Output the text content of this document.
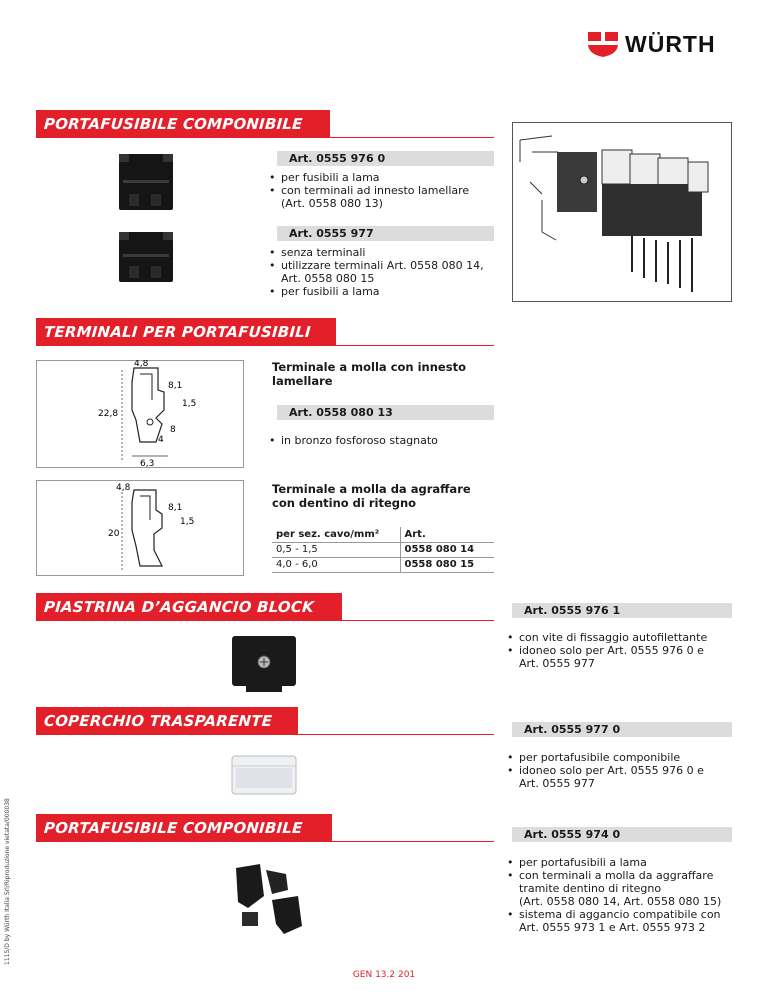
WÜRTH
PORTAFUSIBILE COMPONIBILE
Art. 0555 976 0
• per fusibili a lama
• con terminali ad innesto lamellare
(Art. 0558 080 13)
Art. 0555 977
• senza terminali
• utilizzare terminali Art. 0558 080 14,
Art. 0558 080 15
• per fusibili a lama
TERMINALI PER PORTAFUSIBILI
4,8
8,1
1,5
22,8
8
4
6,3
Terminale a molla con innesto
lamellare
Art. 0558 080 13
• in bronzo fosforoso stagnato
4,8
8,1
1,5
20
Terminale a molla da agraffare
con dentino di ritegno
per sez. cavo/mm²	Art.
0,5 - 1,5	0558 080 14
4,0 - 6,0	0558 080 15
PIASTRINA D’AGGANCIO BLOCK	Art. 0555 976 1
• con vite di fissaggio autofilettante
• idoneo solo per Art. 0555 976 0 e
Art. 0555 977
COPERCHIO TRASPARENTE	Art. 0555 977 0
• per portafusibile componibile
• idoneo solo per Art. 0555 976 0 e
Art. 0555 977
PORTAFUSIBILE COMPONIBILE	Art. 0555 974 0
• per portafusibili a lama
• con terminali a molla da aggraffare
tramite dentino di ritegno
(Art. 0558 080 14, Art. 0558 080 15)
• sistema di aggancio compatibile con
Art. 0555 973 1 e Art. 0555 973 2
GEN 13.2 201
1115/D by Würth Italia Srl/Riproduzione vietata/000038
